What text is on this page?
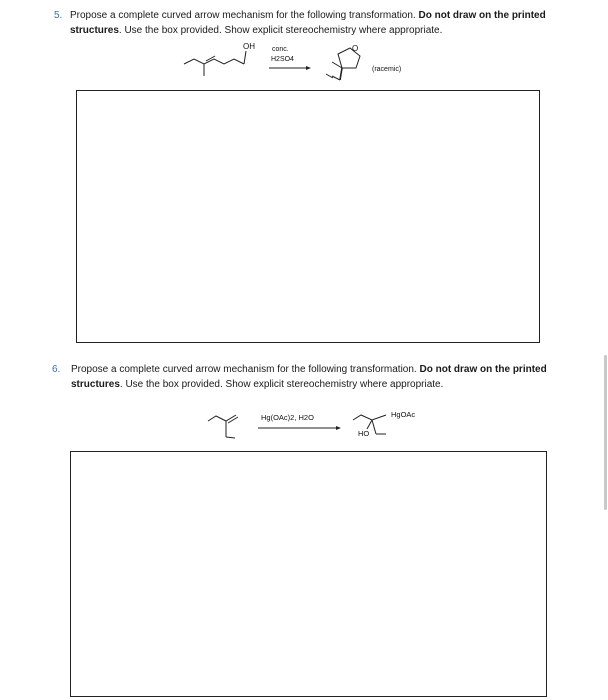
5. Propose a complete curved arrow mechanism for the following transformation. Do not draw on the printed structures. Use the box provided. Show explicit stereochemistry where appropriate.
OH conc.
H2SO4
O
(racemic)
6. Propose a complete curved arrow mechanism for the following transformation. Do not draw on the printed structures. Use the box provided. Show explicit stereochemistry where appropriate.
Hg(OAc)2, H2O
HO
HgOAc
